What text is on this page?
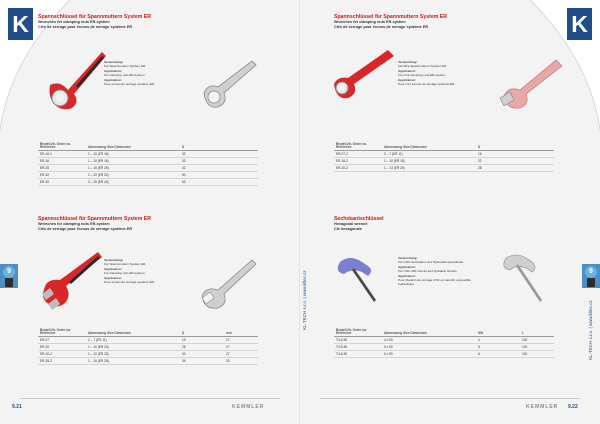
K	Spannschlüssel für Spannmuttern System ER
Wrenches for clamping nuts ER-system
Clés de serrage pour écrous de serrage système ER
Verwendung:
Für Spannmuttern System ER.
Application:
For clamping nuts ER-system.
Application:
Pour écrous de serrage système ER.
Bestell-Nr. Order no. Référence	Abmessung Size Dimension	D	
ER-16-1	1 – 10 (ER 16)	32	
ER-16	1 – 10 (ER 16)	32	
ER-25	1 – 16 (ER 25)	42	
ER-32	2 – 20 (ER 32)	50	
ER-40	3 – 26 (ER 40)	63	
Spannschlüssel für Spannmuttern System ER
Wrenches for clamping nuts ER-system
Clés de serrage pour écrous de serrage système ER
Verwendung:
Für Spannmuttern System ER.
Application:
For clamping nuts ER-system.
Application:
Pour écrous de serrage système ER.
Bestell-Nr. Order no. Référence	Abmessung Size Dimension	D	mm
ER-07	2 – 7 (ER 11)	19	17
ER-20	1 – 10 (ER 20)	28	27
ER-20-2	1 – 10 (ER 20)	30	27
ER-25-2	1 – 16 (ER 25)	34	30
9
9.21	KEMMLER
K
Spannschlüssel für Spannmuttern System ER
Wrenches for clamping nuts ER-system
Clés de serrage pour écrous de serrage système ER
Verwendung:
Für Mini-Spannmuttern System ER.
Application:
For mini clamping nuts ER-system.
Application:
Pour mini écrous de serrage système ER.
Bestell-Nr. Order no. Référence	Abmessung Size Dimension	D	
ER-07-2	2 – 7 (ER 11)	16	
ER-16-2	1 – 10 (ER 16)	22	
ER-20-2	1 – 13 (ER 20)	28	
Sechskantschlüssel
Hexagonal wrench
Clé hexagonale
Verwendung:
Für CNC-Sechskant-und Hydrodehnspannfutter.
Application:
For CNC-400 chucks and hydraulic chucks.
Application:
Pour Mandrin de serrage CNC et mandrin expansible hydraulique.
Bestell-Nr. Order no. Référence	Abmessung Size Dimension	SW	L
T4-4-90	4 x 90	4	100
T4-5-90	5 x 90	5	100
T4-6-90	6 x 90	6	100
9
KL-TECH s.r.o. | www.kltec.cz
KL-TECH s.r.o. | www.kltec.cz
KEMMLER 9.22
